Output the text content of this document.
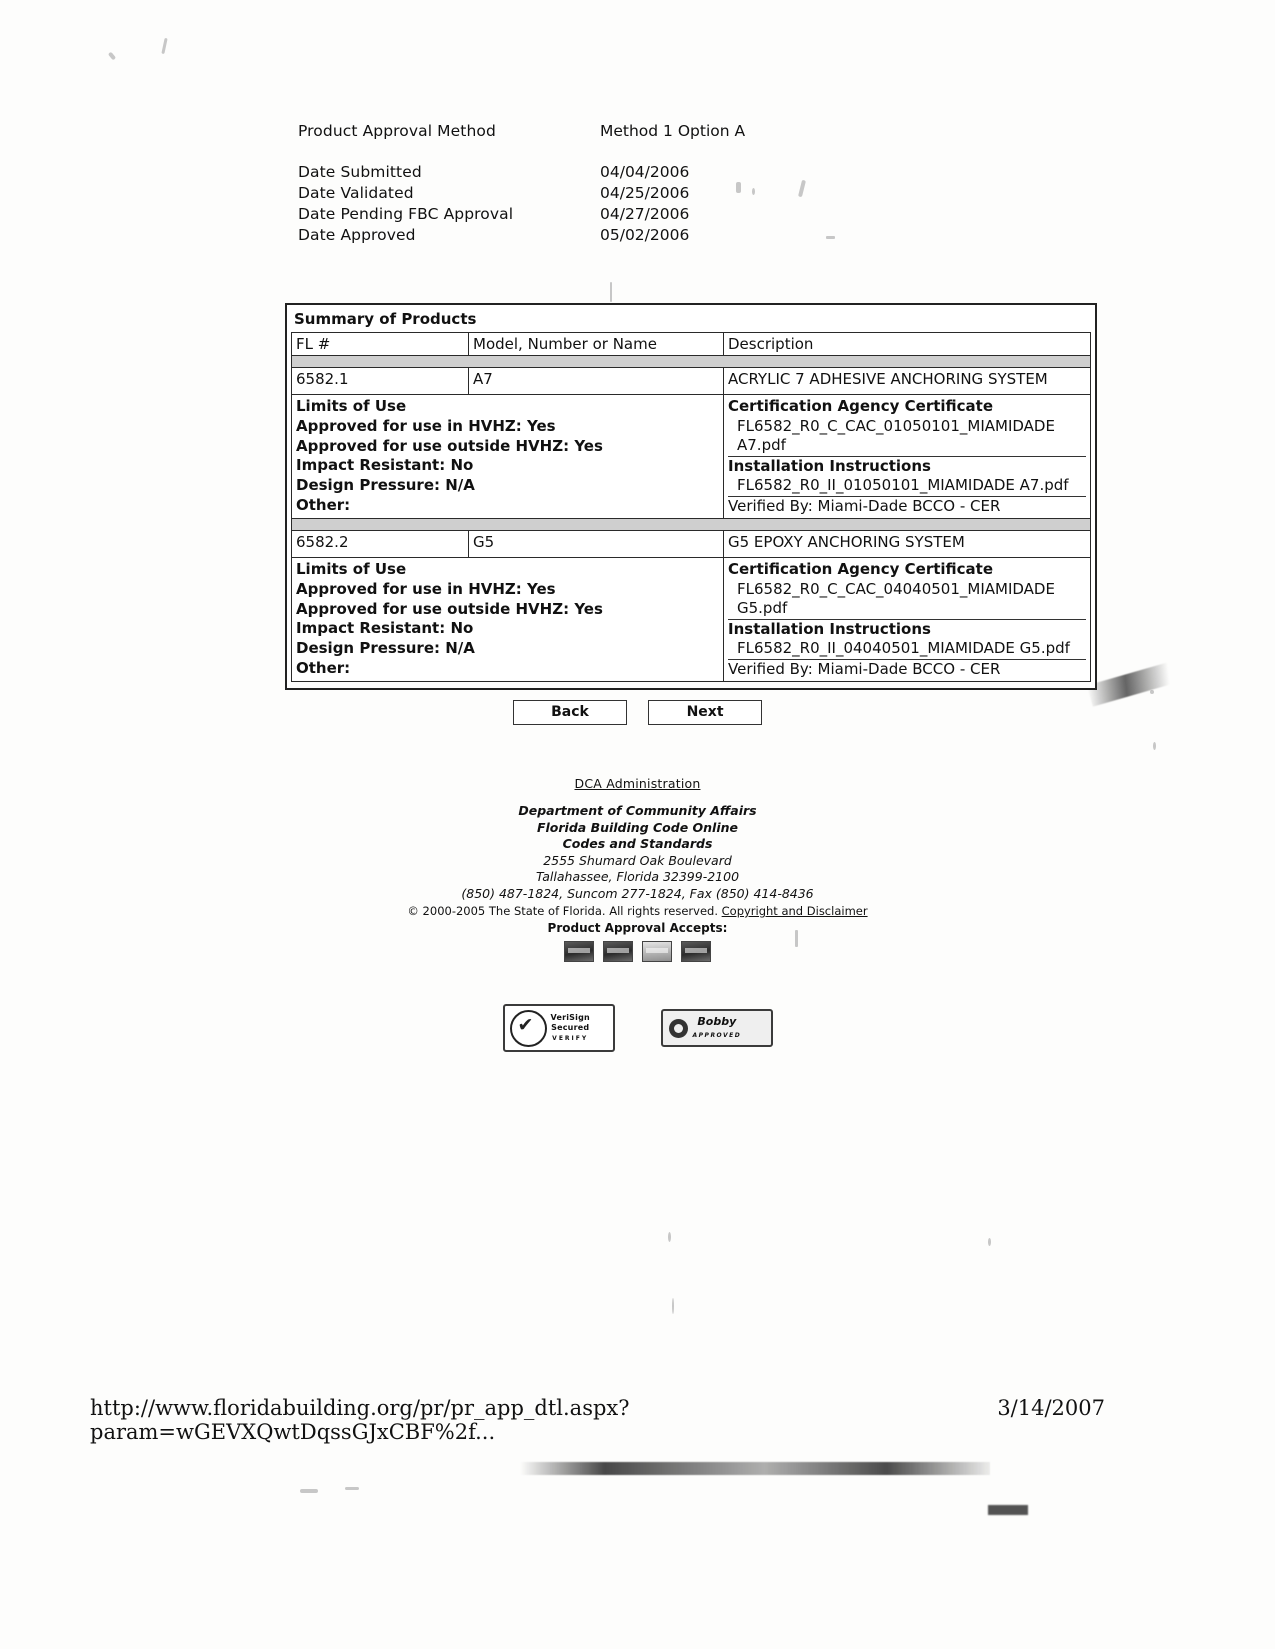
Product Approval Method	Method 1 Option A
Date Submitted	04/04/2006
Date Validated	04/25/2006
Date Pending FBC Approval	04/27/2006
Date Approved	05/02/2006
Summary of Products
FL #	Model, Number or Name	Description

6582.1	A7	ACRYLIC 7 ADHESIVE ANCHORING SYSTEM

Limits of Use
Approved for use in HVHZ: Yes
Approved for use outside HVHZ: Yes
Impact Resistant: No
Design Pressure: N/A
Other:

Certification Agency Certificate
FL6582_R0_C_CAC_01050101_MIAMIDADE A7.pdf
Installation Instructions
FL6582_R0_II_01050101_MIAMIDADE A7.pdf
Verified By: Miami-Dade BCCO - CER

6582.2	G5	G5 EPOXY ANCHORING SYSTEM

Limits of Use
Approved for use in HVHZ: Yes
Approved for use outside HVHZ: Yes
Impact Resistant: No
Design Pressure: N/A
Other:

Certification Agency Certificate
FL6582_R0_C_CAC_04040501_MIAMIDADE G5.pdf
Installation Instructions
FL6582_R0_II_04040501_MIAMIDADE G5.pdf
Verified By: Miami-Dade BCCO - CER
Back	Next
DCA Administration
Department of Community Affairs
Florida Building Code Online
Codes and Standards
2555 Shumard Oak Boulevard
Tallahassee, Florida 32399-2100
(850) 487-1824, Suncom 277-1824, Fax (850) 414-8436
© 2000-2005 The State of Florida. All rights reserved. Copyright and Disclaimer
Product Approval Accepts:
✔
VeriSign
Secured
VERIFY
Bobby
APPROVED
http://www.floridabuilding.org/pr/pr_app_dtl.aspx?param=wGEVXQwtDqssGJxCBF%2f...
3/14/2007
